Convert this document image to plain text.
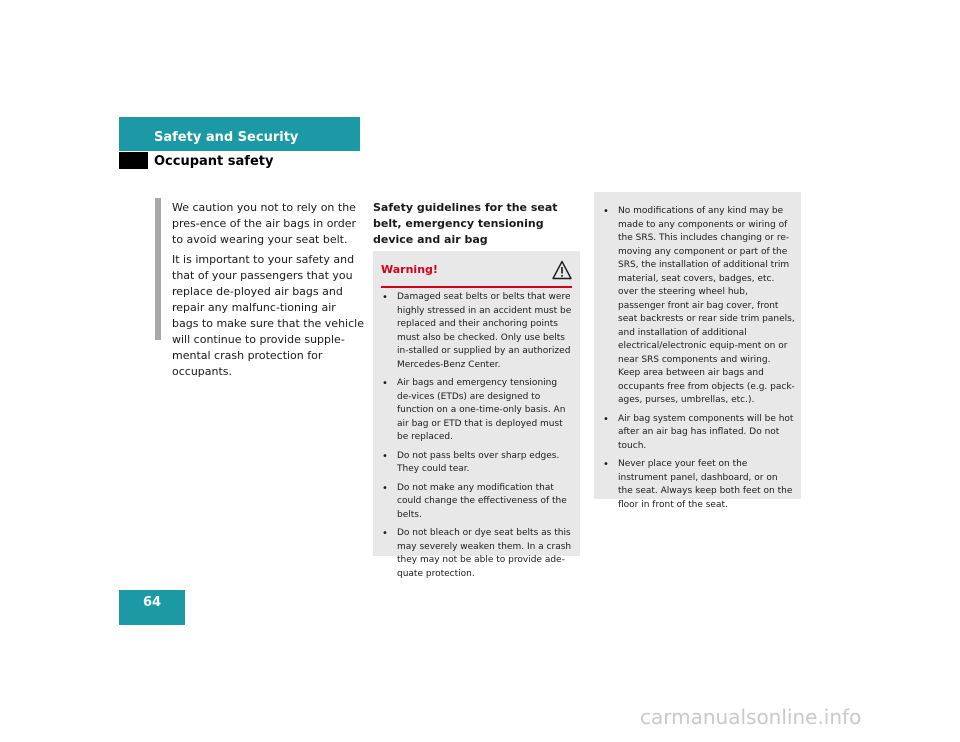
Safety and Security
Occupant safety

We caution you not to rely on the pres-ence of the air bags in order to avoid wearing your seat belt.

It is important to your safety and that of your passengers that you replace de-ployed air bags and repair any malfunc-tioning air bags to make sure that the vehicle will continue to provide supple-mental crash protection for occupants.

Safety guidelines for the seat belt, emergency tensioning device and air bag
Warning!
• Damaged seat belts or belts that were highly stressed in an accident must be replaced and their anchoring points must also be checked. Only use belts in-stalled or supplied by an authorized Mercedes-Benz Center.
• Air bags and emergency tensioning de-vices (ETDs) are designed to function on a one-time-only basis. An air bag or ETD that is deployed must be replaced.
• Do not pass belts over sharp edges. They could tear.
• Do not make any modification that could change the effectiveness of the belts.
• Do not bleach or dye seat belts as this may severely weaken them. In a crash they may not be able to provide ade-quate protection.
• No modifications of any kind may be made to any components or wiring of the SRS. This includes changing or re-moving any component or part of the SRS, the installation of additional trim material, seat covers, badges, etc. over the steering wheel hub, passenger front air bag cover, front seat backrests or rear side trim panels, and installation of additional electrical/electronic equip-ment on or near SRS components and wiring. Keep area between air bags and occupants free from objects (e.g. pack-ages, purses, umbrellas, etc.).
• Air bag system components will be hot after an air bag has inflated. Do not touch.
• Never place your feet on the instrument panel, dashboard, or on the seat. Always keep both feet on the floor in front of the seat.
64
carmanualsonline.info
